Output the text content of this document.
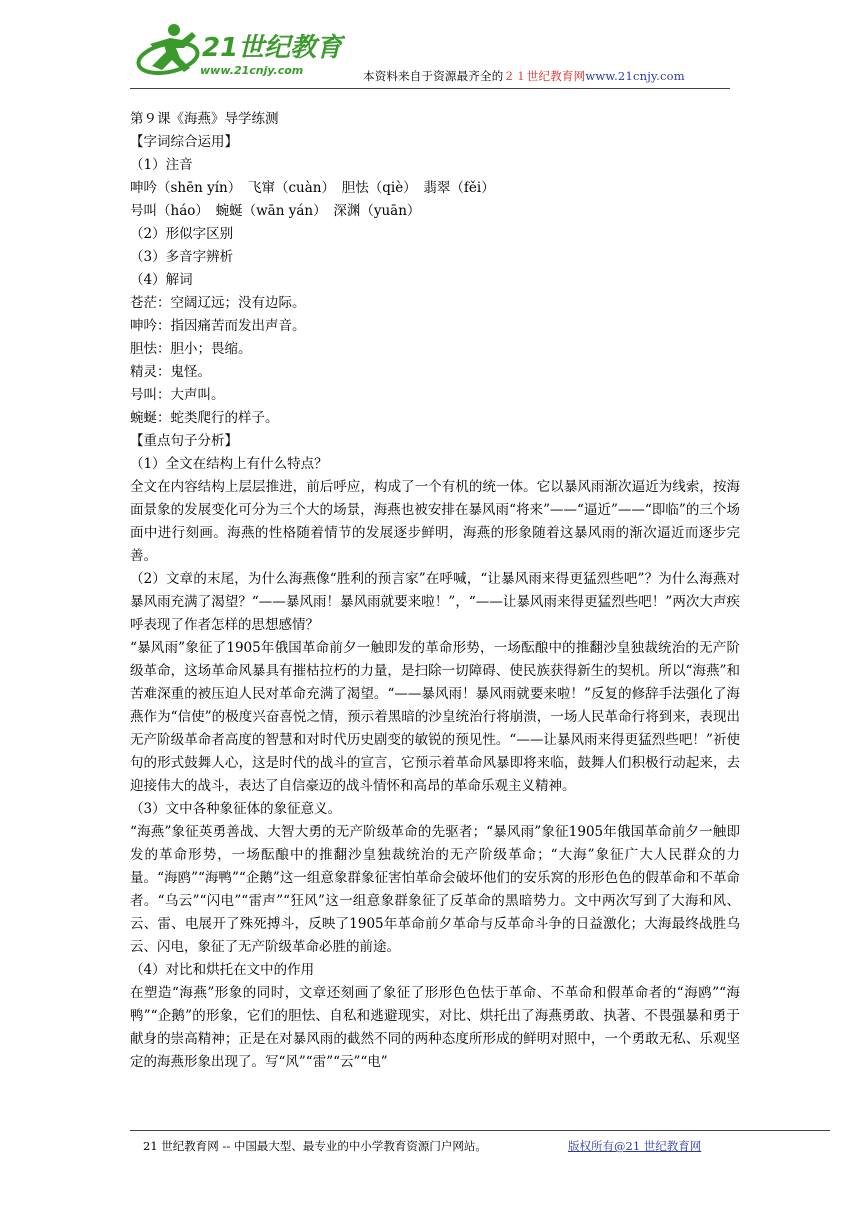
21世纪教育
www.21cnjy.com	本资料来自于资源最齐全的２１世纪教育网www.21cnjy.com

第９课《海燕》导学练测

【字词综合运用】

（1）注音

呻吟（shēn yín）　飞窜（cuàn）　胆怯（qiè）　翡翠（fěi）

号叫（háo）　蜿蜒（wān yán）　深渊（yuān）

（2）形似字区别

（3）多音字辨析

（4）解词

苍茫：空阔辽远；没有边际。

呻吟：指因痛苦而发出声音。

胆怯：胆小；畏缩。

精灵：鬼怪。

号叫：大声叫。

蜿蜒：蛇类爬行的样子。

【重点句子分析】

（1）全文在结构上有什么特点？

全文在内容结构上层层推进，前后呼应，构成了一个有机的统一体。它以暴风雨渐次逼近为线索，按海面景象的发展变化可分为三个大的场景，海燕也被安排在暴风雨“将来”——“逼近”——“即临”的三个场面中进行刻画。海燕的性格随着情节的发展逐步鲜明，海燕的形象随着这暴风雨的渐次逼近而逐步完善。

（2）文章的末尾，为什么海燕像“胜利的预言家”在呼喊，“让暴风雨来得更猛烈些吧”？为什么海燕对暴风雨充满了渴望？“——暴风雨！暴风雨就要来啦！”，“——让暴风雨来得更猛烈些吧！”两次大声疾呼表现了作者怎样的思想感情？

“暴风雨”象征了1905年俄国革命前夕一触即发的革命形势，一场酝酿中的推翻沙皇独裁统治的无产阶级革命，这场革命风暴具有摧枯拉朽的力量，是扫除一切障碍、使民族获得新生的契机。所以“海燕”和苦难深重的被压迫人民对革命充满了渴望。“——暴风雨！暴风雨就要来啦！”反复的修辞手法强化了海燕作为“信使”的极度兴奋喜悦之情，预示着黑暗的沙皇统治行将崩溃，一场人民革命行将到来，表现出无产阶级革命者高度的智慧和对时代历史剧变的敏锐的预见性。“——让暴风雨来得更猛烈些吧！”祈使句的形式鼓舞人心，这是时代的战斗的宣言，它预示着革命风暴即将来临，鼓舞人们积极行动起来，去迎接伟大的战斗，表达了自信豪迈的战斗情怀和高昂的革命乐观主义精神。

（3）文中各种象征体的象征意义。

“海燕”象征英勇善战、大智大勇的无产阶级革命的先驱者；“暴风雨”象征1905年俄国革命前夕一触即发的革命形势，一场酝酿中的推翻沙皇独裁统治的无产阶级革命；“大海”象征广大人民群众的力量。“海鸥”“海鸭”“企鹅”这一组意象群象征害怕革命会破坏他们的安乐窝的形形色色的假革命和不革命者。“乌云”“闪电”“雷声”“狂风”这一组意象群象征了反革命的黑暗势力。文中两次写到了大海和风、云、雷、电展开了殊死搏斗，反映了1905年革命前夕革命与反革命斗争的日益激化；大海最终战胜乌云、闪电，象征了无产阶级革命必胜的前途。

（4）对比和烘托在文中的作用

在塑造“海燕”形象的同时，文章还刻画了象征了形形色色怯于革命、不革命和假革命者的“海鸥”“海鸭”“企鹅”的形象，它们的胆怯、自私和逃避现实，对比、烘托出了海燕勇敢、执著、不畏强暴和勇于献身的崇高精神；正是在对暴风雨的截然不同的两种态度所形成的鲜明对照中，一个勇敢无私、乐观坚定的海燕形象出现了。写“风”“雷”“云”“电”

21 世纪教育网 -- 中国最大型、最专业的中小学教育资源门户网站。	版权所有@21 世纪教育网
